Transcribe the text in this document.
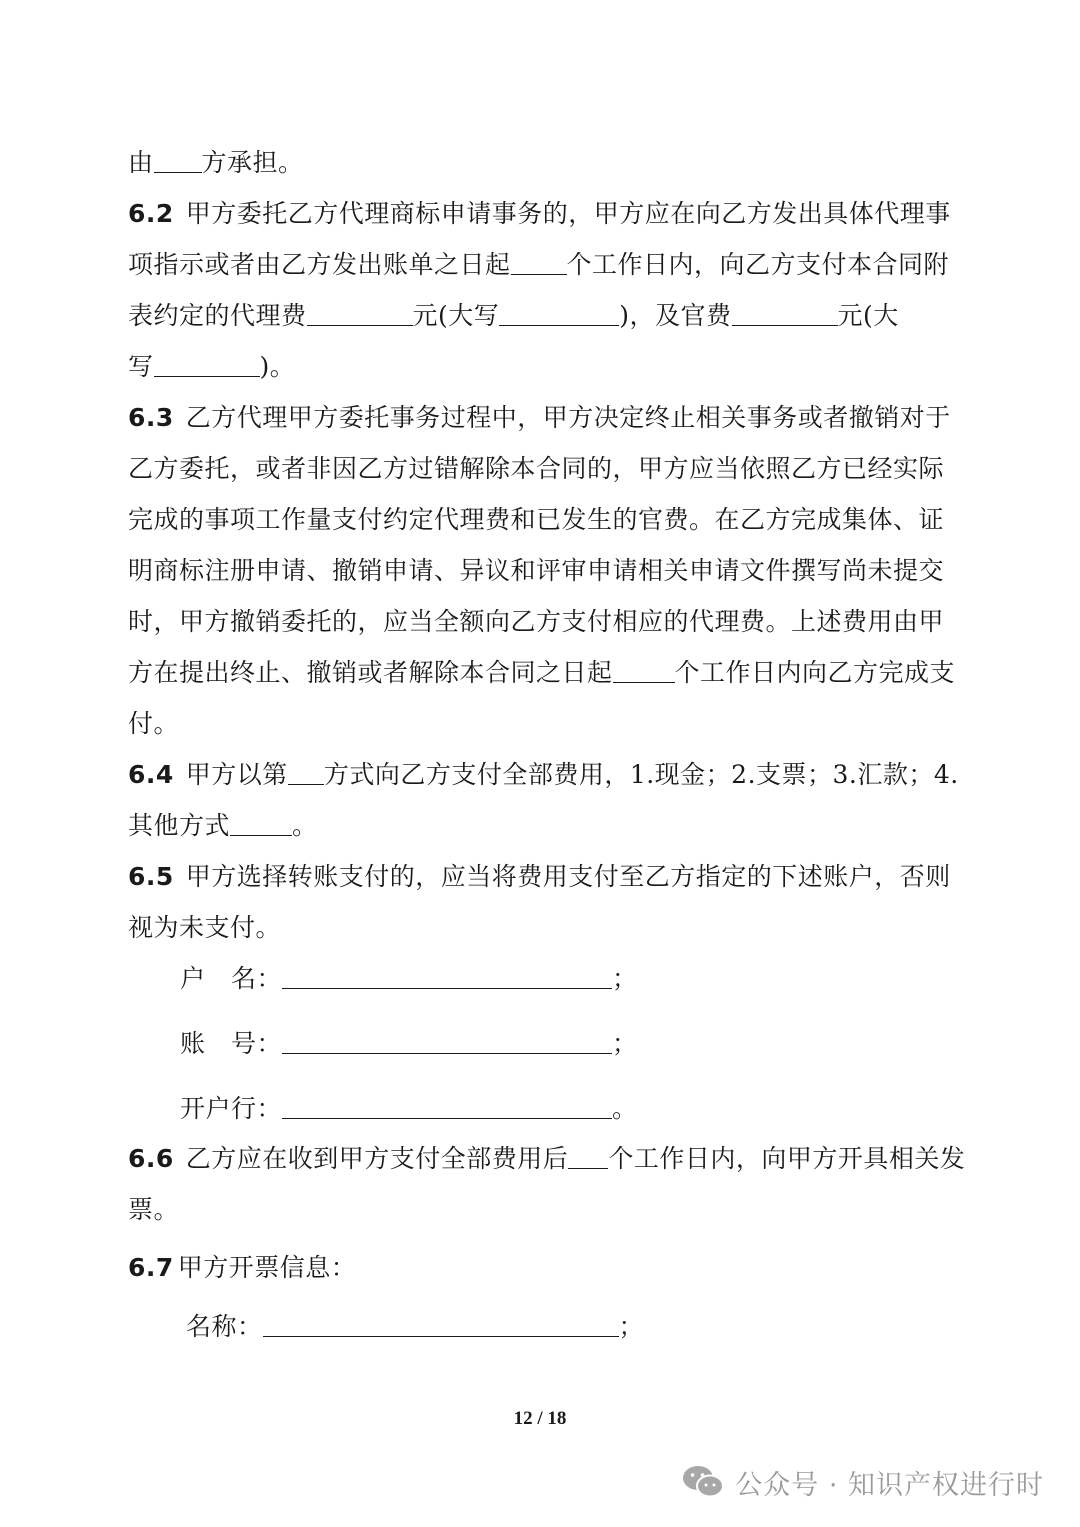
由 方承担。
6.2 甲方委托乙方代理商标申请事务的，甲方应在向乙方发出具体代理事
项指示或者由乙方发出账单之日起 个工作日内，向乙方支付本合同附
表约定的代理费	元(大写	)，及官费	元(大
写	)。
6.3 乙方代理甲方委托事务过程中，甲方决定终止相关事务或者撤销对于
乙方委托，或者非因乙方过错解除本合同的，甲方应当依照乙方已经实际
完成的事项工作量支付约定代理费和已发生的官费。在乙方完成集体、证
明商标注册申请、撤销申请、异议和评审申请相关申请文件撰写尚未提交
时，甲方撤销委托的，应当全额向乙方支付相应的代理费。上述费用由甲
方在提出终止、撤销或者解除本合同之日起 个工作日内向乙方完成支
付。
6.4 甲方以第 方式向乙方支付全部费用，1.现金；2.支票；3.汇款；4.
其他方式 。
6.5 甲方选择转账支付的，应当将费用支付至乙方指定的下述账户，否则
视为未支付。
户　名：	；
账　号：	；
开户行：	。
6.6 乙方应在收到甲方支付全部费用后 个工作日内，向甲方开具相关发
票。
6.7 甲方开票信息：
名称：	；
12 / 18
公众号 · 知识产权进行时
